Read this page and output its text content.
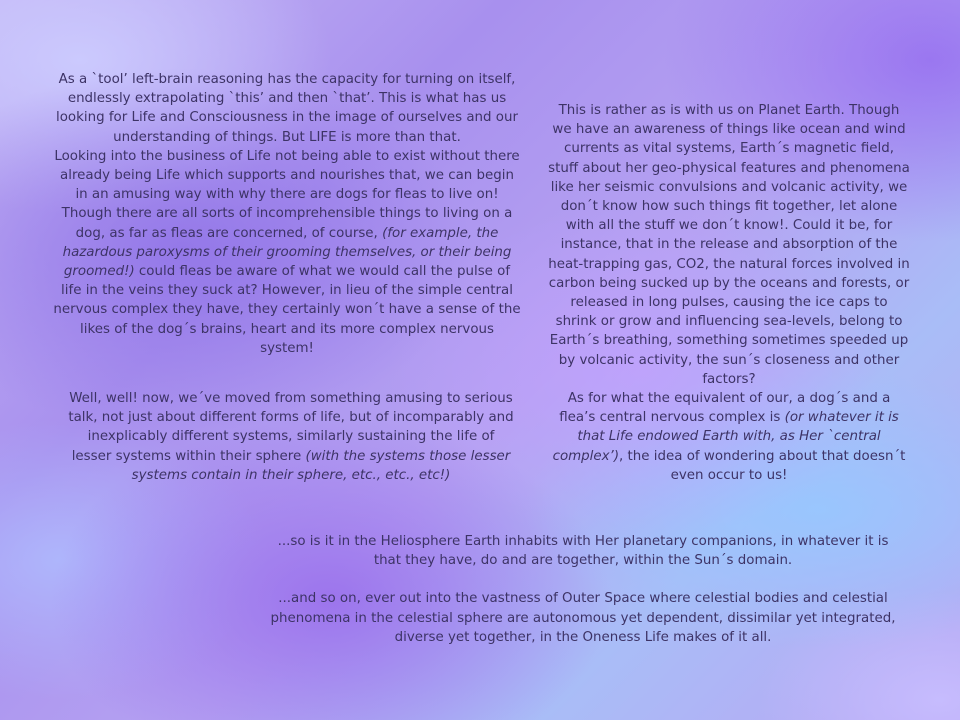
As a `tool’ left-brain reasoning has the capacity for turning on itself, endlessly extrapolating `this’ and then `that’. This is what has us looking for Life and Consciousness in the image of ourselves and our understanding of things. But LIFE is more than that.

Looking into the business of Life not being able to exist without there already being Life which supports and nourishes that, we can begin in an amusing way with why there are dogs for fleas to live on! Though there are all sorts of incomprehensible things to living on a dog, as far as fleas are concerned, of course, (for example, the hazardous paroxysms of their grooming themselves, or their being groomed!) could fleas be aware of what we would call the pulse of life in the veins they suck at? However, in lieu of the simple central nervous complex they have, they certainly won´t have a sense of the likes of the dog´s brains, heart and its more complex nervous system!

This is rather as is with us on Planet Earth. Though we have an awareness of things like ocean and wind currents as vital systems, Earth´s magnetic field, stuff about her geo-physical features and phenomena like her seismic convulsions and volcanic activity, we don´t know how such things fit together, let alone with all the stuff we don´t know!. Could it be, for instance, that in the release and absorption of the heat-trapping gas, CO2, the natural forces involved in carbon being sucked up by the oceans and forests, or released in long pulses, causing the ice caps to shrink or grow and influencing sea-levels, belong to Earth´s breathing, something sometimes speeded up by volcanic activity, the sun´s closeness and other factors?

As for what the equivalent of our, a dog´s and a flea’s central nervous complex is (or whatever it is that Life endowed Earth with, as Her `central complex’), the idea of wondering about that doesn´t even occur to us!

Well, well! now, we´ve moved from something amusing to serious talk, not just about different forms of life, but of incomparably and inexplicably different systems, similarly sustaining the life of lesser systems within their sphere (with the systems those lesser systems contain in their sphere, etc., etc., etc!)

...so is it in the Heliosphere Earth inhabits with Her planetary companions, in whatever it is that they have, do and are together, within the Sun´s domain.

...and so on, ever out into the vastness of Outer Space where celestial bodies and celestial phenomena in the celestial sphere are autonomous yet dependent, dissimilar yet integrated, diverse yet together, in the Oneness Life makes of it all.
